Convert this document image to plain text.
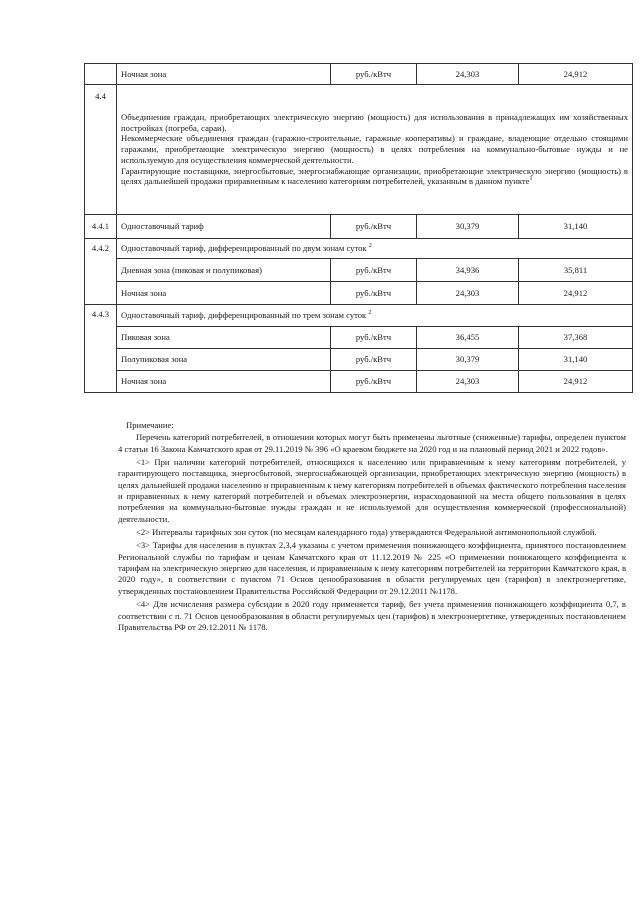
	Ночная зона	руб./кВтч	24,303	24,912
4.4	Объединения граждан, приобретающих электрическую энергию (мощность) для использования в принадлежащих им хозяйственных постройках (погреба, сараи).

Некоммерческие объединения граждан (гаражно-строительные, гаражные кооперативы) и граждане, владеющие отдельно стоящими гаражами, приобретающие электрическую энергию (мощность) в целях потребления на коммунально-бытовые нужды и не используемую для осуществления коммерческой деятельности.

Гарантирующие поставщики, энергосбытовые, энергоснабжающие организации, приобретающие электрическую энергию (мощность) в целях дальнейшей продажи приравненным к населению категориям потребителей, указанным в данном пункте$^1$

4.4.1	Одноставочный тариф	руб./кВтч	30,379	31,140
4.4.2	Одноставочный тариф, дифференцированный по двум зонам суток $^2$
	Дневная зона (пиковая и полупиковая)	руб./кВтч	34,936	35,811
	Ночная зона	руб./кВтч	24,303	24,912
4.4.3	Одноставочный тариф, дифференцированный по трем зонам суток $^2$
	Пиковая зона	руб./кВтч	36,455	37,368
	Полупиковая зона	руб./кВтч	30,379	31,140
	Ночная зона	руб./кВтч	24,303	24,912

Примечание:

Перечень категорий потребителей, в отношении которых могут быть применены льготные (сниженные) тарифы, определен пунктом 4 статьи 16 Закона Камчатского края от 29.11.2019 № 396 «О краевом бюджете на 2020 год и на плановый период 2021 и 2022 годов».

<1> При наличии категорий потребителей, относящихся к населению или приравненным к нему категориям потребителей, у гарантирующего поставщика, энергосбытовой, энергоснабжающей организации, приобретающих электрическую энергию (мощность) в целях дальнейшей продажи населению и приравненным к нему категориям потребителей в объемах фактического потребления населения и приравненных к нему категорий потребителей и объемах электроэнергии, израсходованной на места общего пользования в целях потребления на коммунально-бытовые нужды граждан и не используемой для осуществления коммерческой (профессиональной) деятельности.

<2> Интервалы тарифных зон суток (по месяцам календарного года) утверждаются Федеральной антимонопольной службой.

<3> Тарифы для населения в пунктах 2,3,4 указаны с учетом применения понижающего коэффициента, принятого постановлением Региональной службы по тарифам и ценам Камчатского края от 11.12.2019 № 225 «О применении понижающего коэффициента к тарифам на электрическую энергию для населения, и приравненным к нему категориям потребителей на территории Камчатского края, в 2020 году», в соответствии с пунктом 71 Основ ценообразования в области регулируемых цен (тарифов) в электроэнергетике, утвержденных постановлением Правительства Российской Федерации от 29.12.2011 №1178.

<4> Для исчисления размера субсидии в 2020 году применяется тариф, без учета применения понижающего коэффициента 0,7, в соответствии с п. 71 Основ ценообразования в области регулируемых цен (тарифов) в электроэнергетике, утвержденных постановлением Правительства РФ от 29.12.2011 № 1178.
